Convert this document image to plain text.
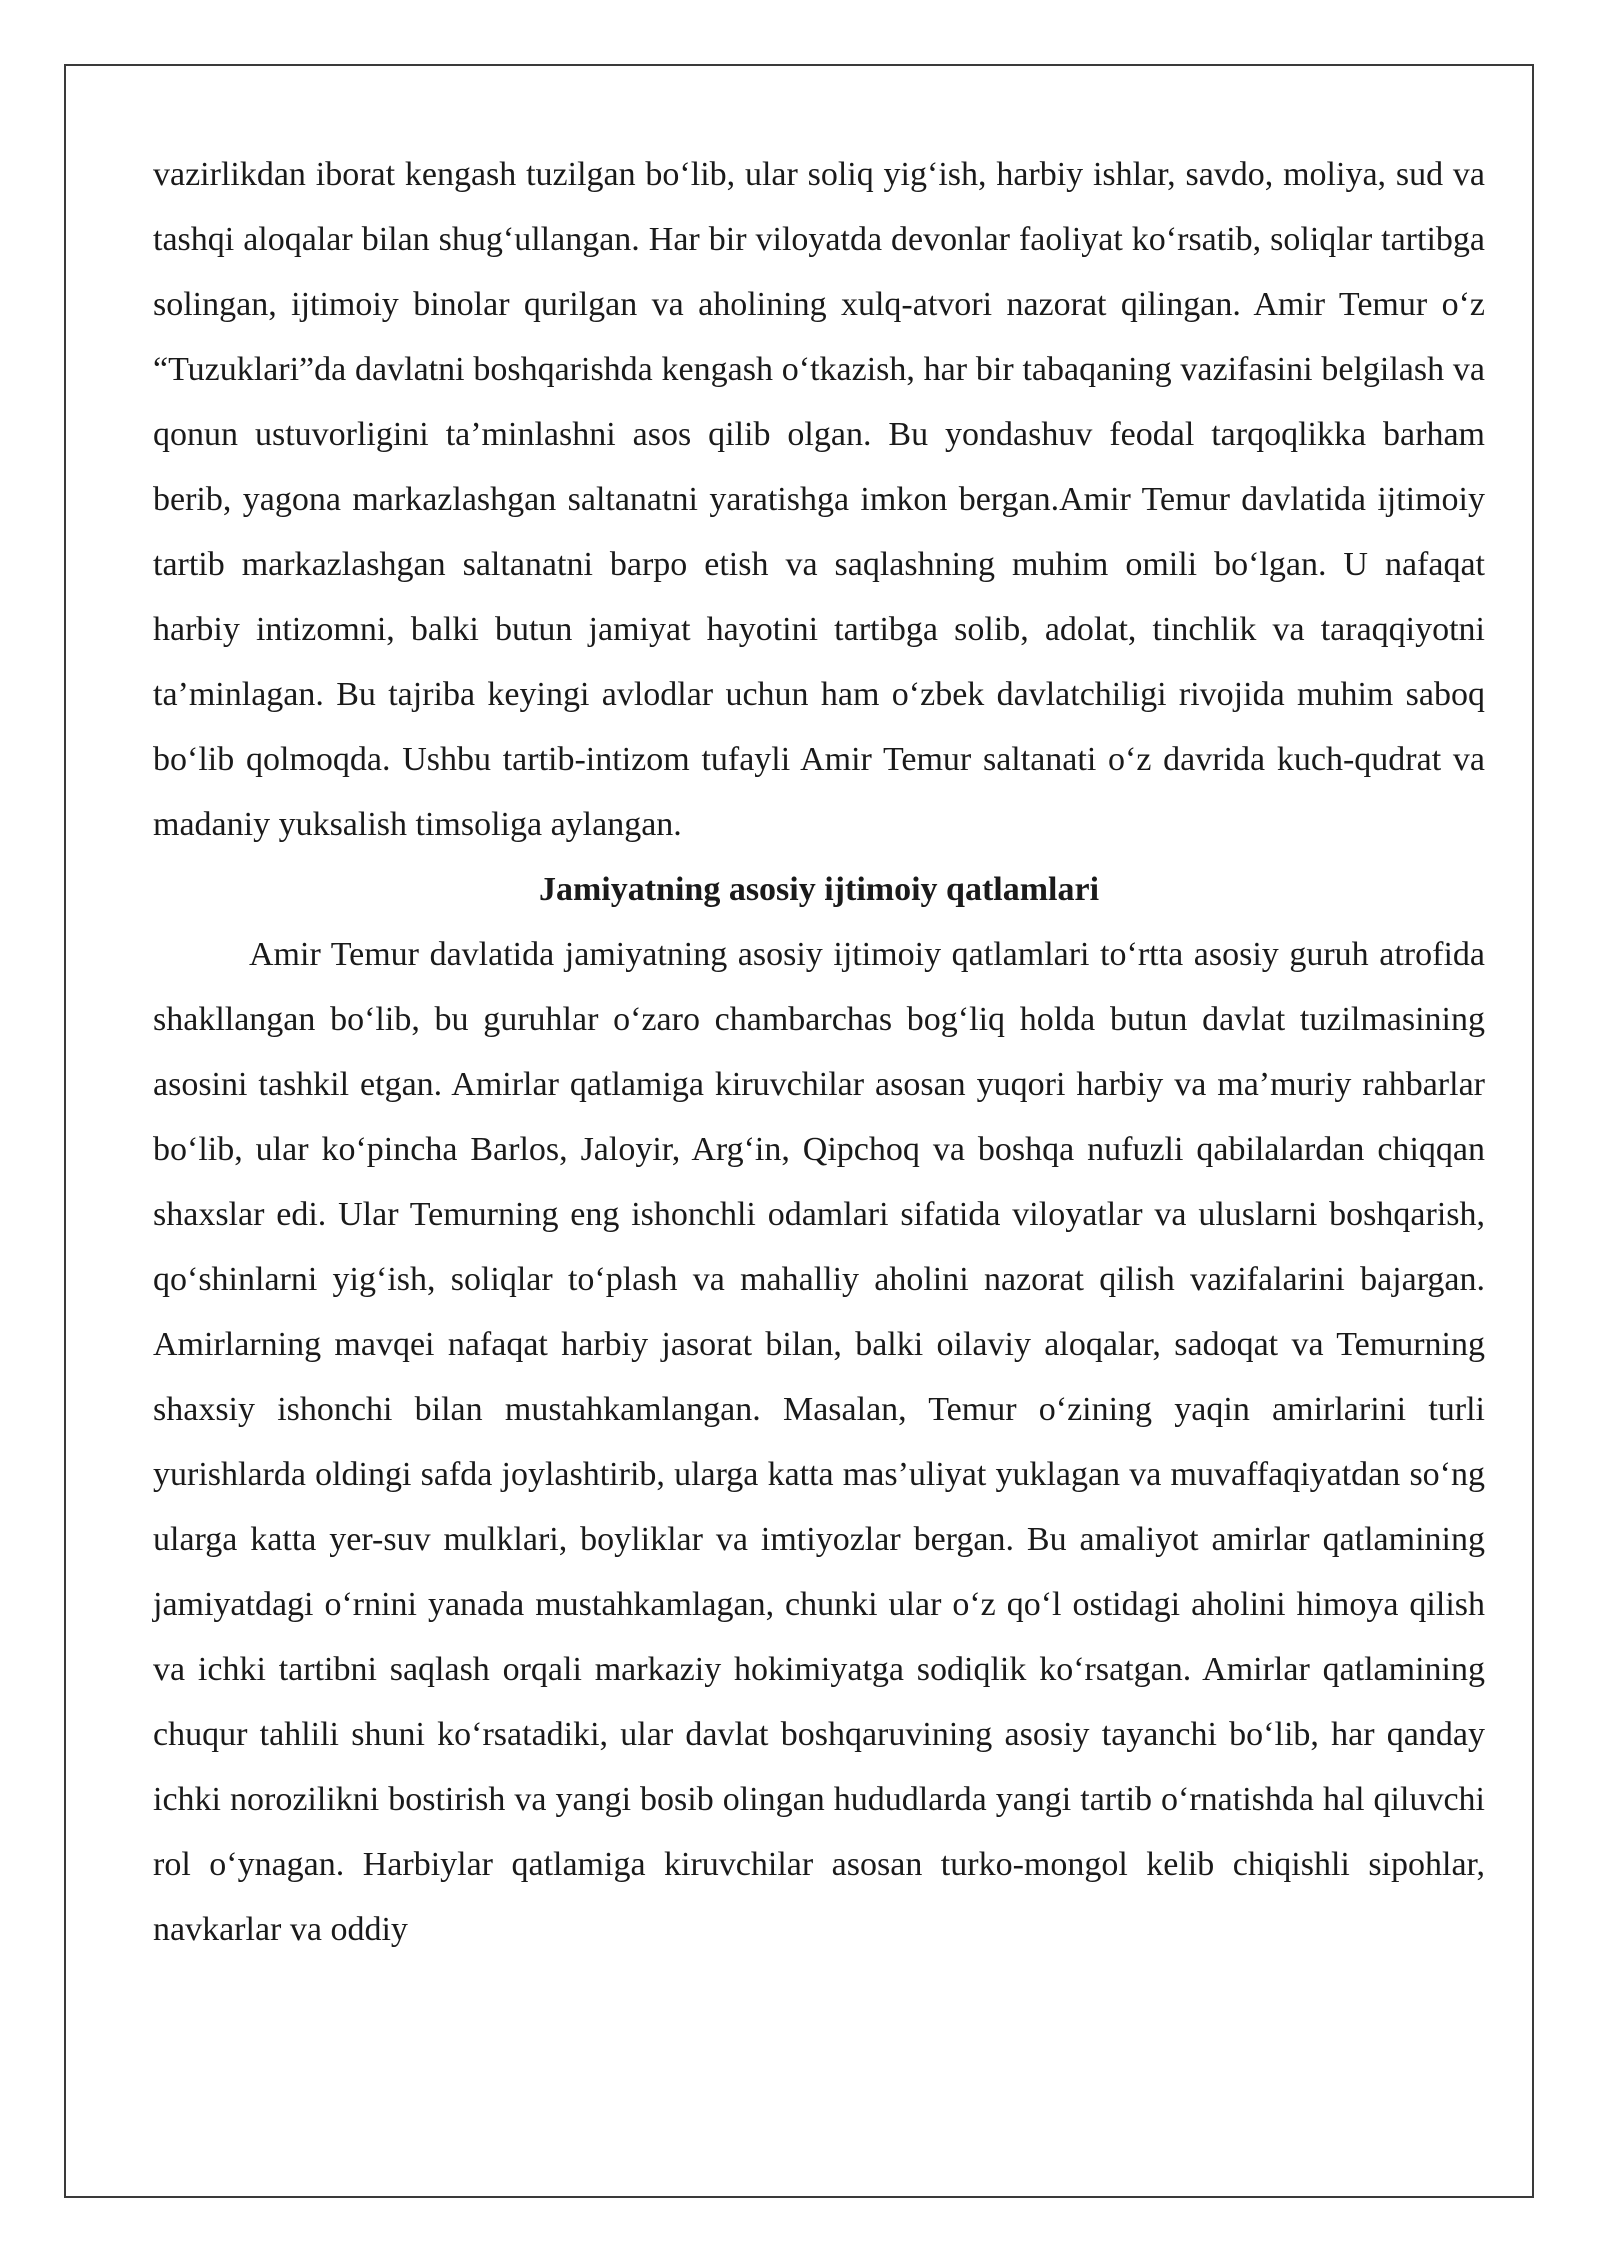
vazirlikdan iborat kengash tuzilgan bo‘lib, ular soliq yig‘ish, harbiy ishlar, savdo, moliya, sud va tashqi aloqalar bilan shug‘ullangan. Har bir viloyatda devonlar faoliyat ko‘rsatib, soliqlar tartibga solingan, ijtimoiy binolar qurilgan va aholining xulq-atvori nazorat qilingan. Amir Temur o‘z “Tuzuklari”da davlatni boshqarishda kengash o‘tkazish, har bir tabaqaning vazifasini belgilash va qonun ustuvorligini ta’minlashni asos qilib olgan. Bu yondashuv feodal tarqoqlikka barham berib, yagona markazlashgan saltanatni yaratishga imkon bergan.Amir Temur davlatida ijtimoiy tartib markazlashgan saltanatni barpo etish va saqlashning muhim omili bo‘lgan. U nafaqat harbiy intizomni, balki butun jamiyat hayotini tartibga solib, adolat, tinchlik va taraqqiyotni ta’minlagan. Bu tajriba keyingi avlodlar uchun ham o‘zbek davlatchiligi rivojida muhim saboq bo‘lib qolmoqda. Ushbu tartib-intizom tufayli Amir Temur saltanati o‘z davrida kuch-qudrat va madaniy yuksalish timsoliga aylangan.

Jamiyatning asosiy ijtimoiy qatlamlari

Amir Temur davlatida jamiyatning asosiy ijtimoiy qatlamlari to‘rtta asosiy guruh atrofida shakllangan bo‘lib, bu guruhlar o‘zaro chambarchas bog‘liq holda butun davlat tuzilmasining asosini tashkil etgan. Amirlar qatlamiga kiruvchilar asosan yuqori harbiy va ma’muriy rahbarlar bo‘lib, ular ko‘pincha Barlos, Jaloyir, Arg‘in, Qipchoq va boshqa nufuzli qabilalardan chiqqan shaxslar edi. Ular Temurning eng ishonchli odamlari sifatida viloyatlar va uluslarni boshqarish, qo‘shinlarni yig‘ish, soliqlar to‘plash va mahalliy aholini nazorat qilish vazifalarini bajargan. Amirlarning mavqei nafaqat harbiy jasorat bilan, balki oilaviy aloqalar, sadoqat va Temurning shaxsiy ishonchi bilan mustahkamlangan. Masalan, Temur o‘zining yaqin amirlarini turli yurishlarda oldingi safda joylashtirib, ularga katta mas’uliyat yuklagan va muvaffaqiyatdan so‘ng ularga katta yer-suv mulklari, boyliklar va imtiyozlar bergan. Bu amaliyot amirlar qatlamining jamiyatdagi o‘rnini yanada mustahkamlagan, chunki ular o‘z qo‘l ostidagi aholini himoya qilish va ichki tartibni saqlash orqali markaziy hokimiyatga sodiqlik ko‘rsatgan. Amirlar qatlamining chuqur tahlili shuni ko‘rsatadiki, ular davlat boshqaruvining asosiy tayanchi bo‘lib, har qanday ichki norozilikni bostirish va yangi bosib olingan hududlarda yangi tartib o‘rnatishda hal qiluvchi rol o‘ynagan. Harbiylar qatlamiga kiruvchilar asosan turko-mongol kelib chiqishli sipohlar, navkarlar va oddiy
